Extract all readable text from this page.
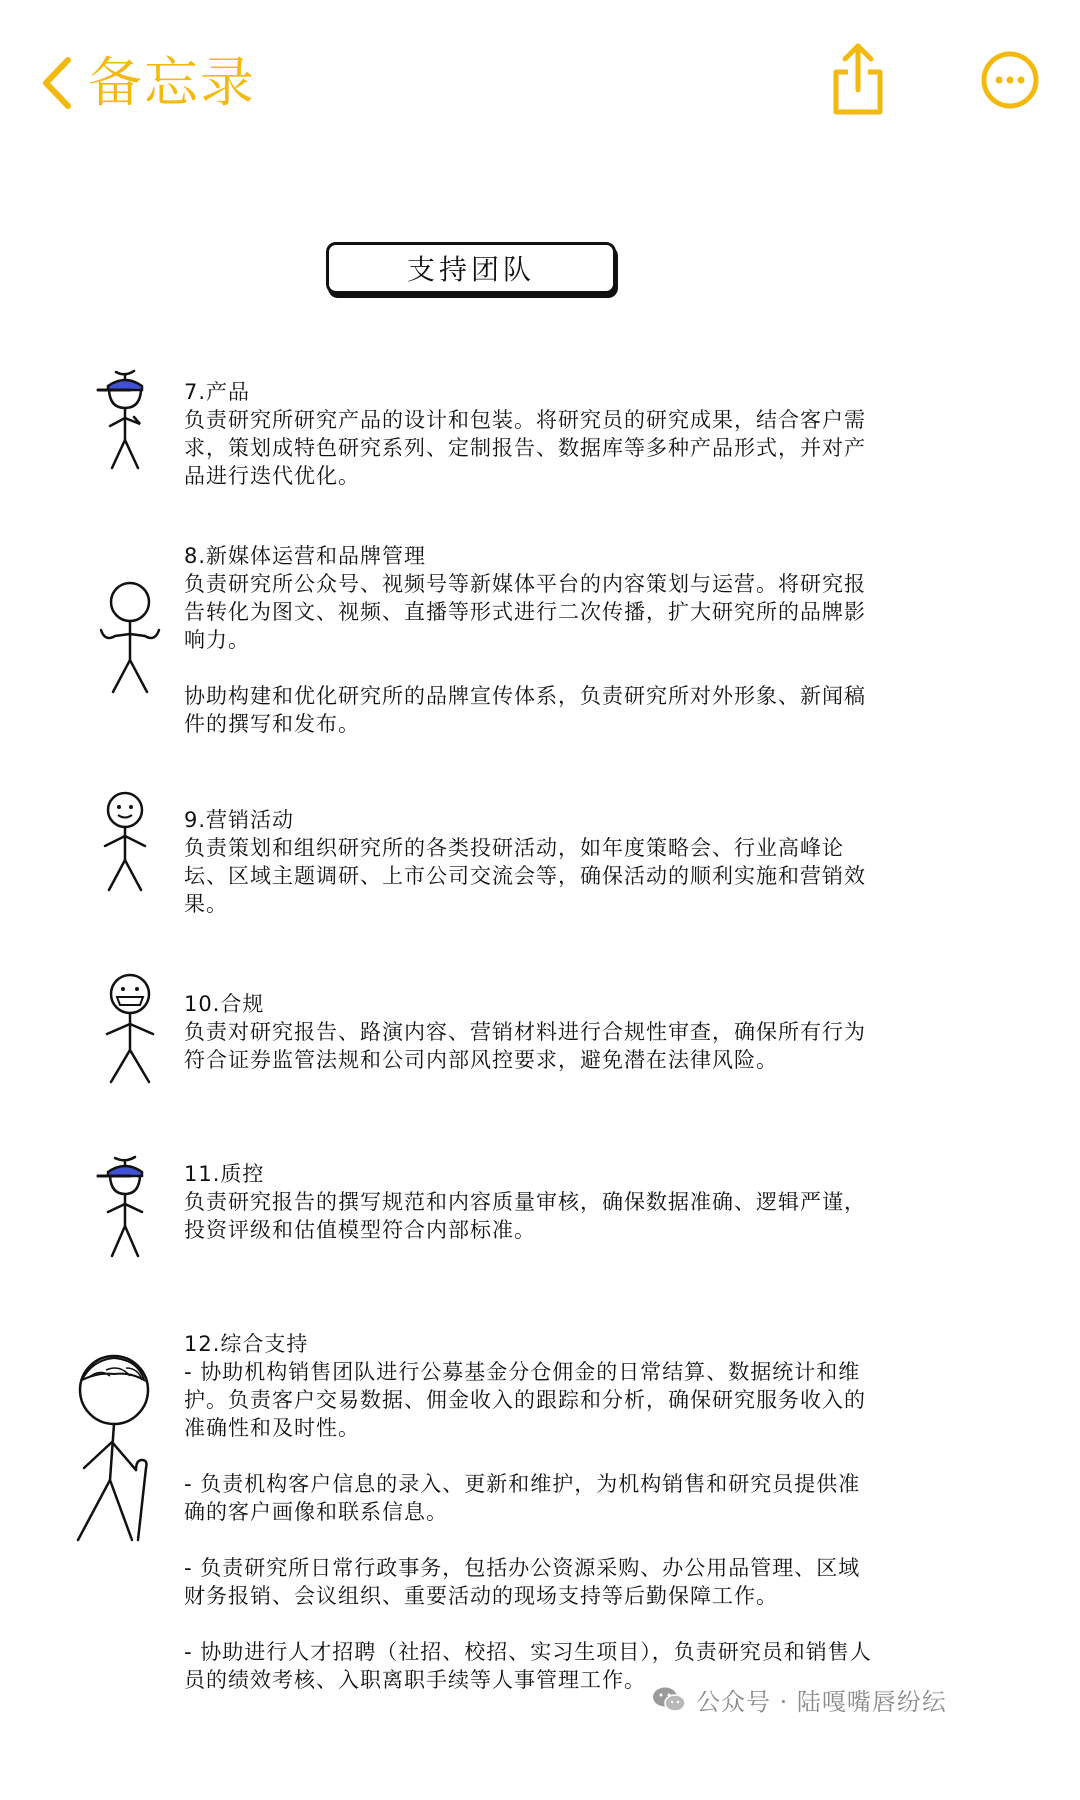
备忘录
支持团队
7.产品

负责研究所研究产品的设计和包装。将研究员的研究成果，结合客户需求，策划成特色研究系列、定制报告、数据库等多种产品形式，并对产品进行迭代优化。

8.新媒体运营和品牌管理

负责研究所公众号、视频号等新媒体平台的内容策划与运营。将研究报告转化为图文、视频、直播等形式进行二次传播，扩大研究所的品牌影响力。

协助构建和优化研究所的品牌宣传体系，负责研究所对外形象、新闻稿件的撰写和发布。

9.营销活动

负责策划和组织研究所的各类投研活动，如年度策略会、行业高峰论坛、区域主题调研、上市公司交流会等，确保活动的顺利实施和营销效果。

10.合规

负责对研究报告、路演内容、营销材料进行合规性审查，确保所有行为符合证券监管法规和公司内部风控要求，避免潜在法律风险。

11.质控

负责研究报告的撰写规范和内容质量审核，确保数据准确、逻辑严谨，投资评级和估值模型符合内部标准。

12.综合支持

- 协助机构销售团队进行公募基金分仓佣金的日常结算、数据统计和维护。负责客户交易数据、佣金收入的跟踪和分析，确保研究服务收入的准确性和及时性。

- 负责机构客户信息的录入、更新和维护，为机构销售和研究员提供准确的客户画像和联系信息。

- 负责研究所日常行政事务，包括办公资源采购、办公用品管理、区域财务报销、会议组织、重要活动的现场支持等后勤保障工作。

- 协助进行人才招聘（社招、校招、实习生项目），负责研究员和销售人员的绩效考核、入职离职手续等人事管理工作。

公众号 · 陆嘎嘴唇纷纭
